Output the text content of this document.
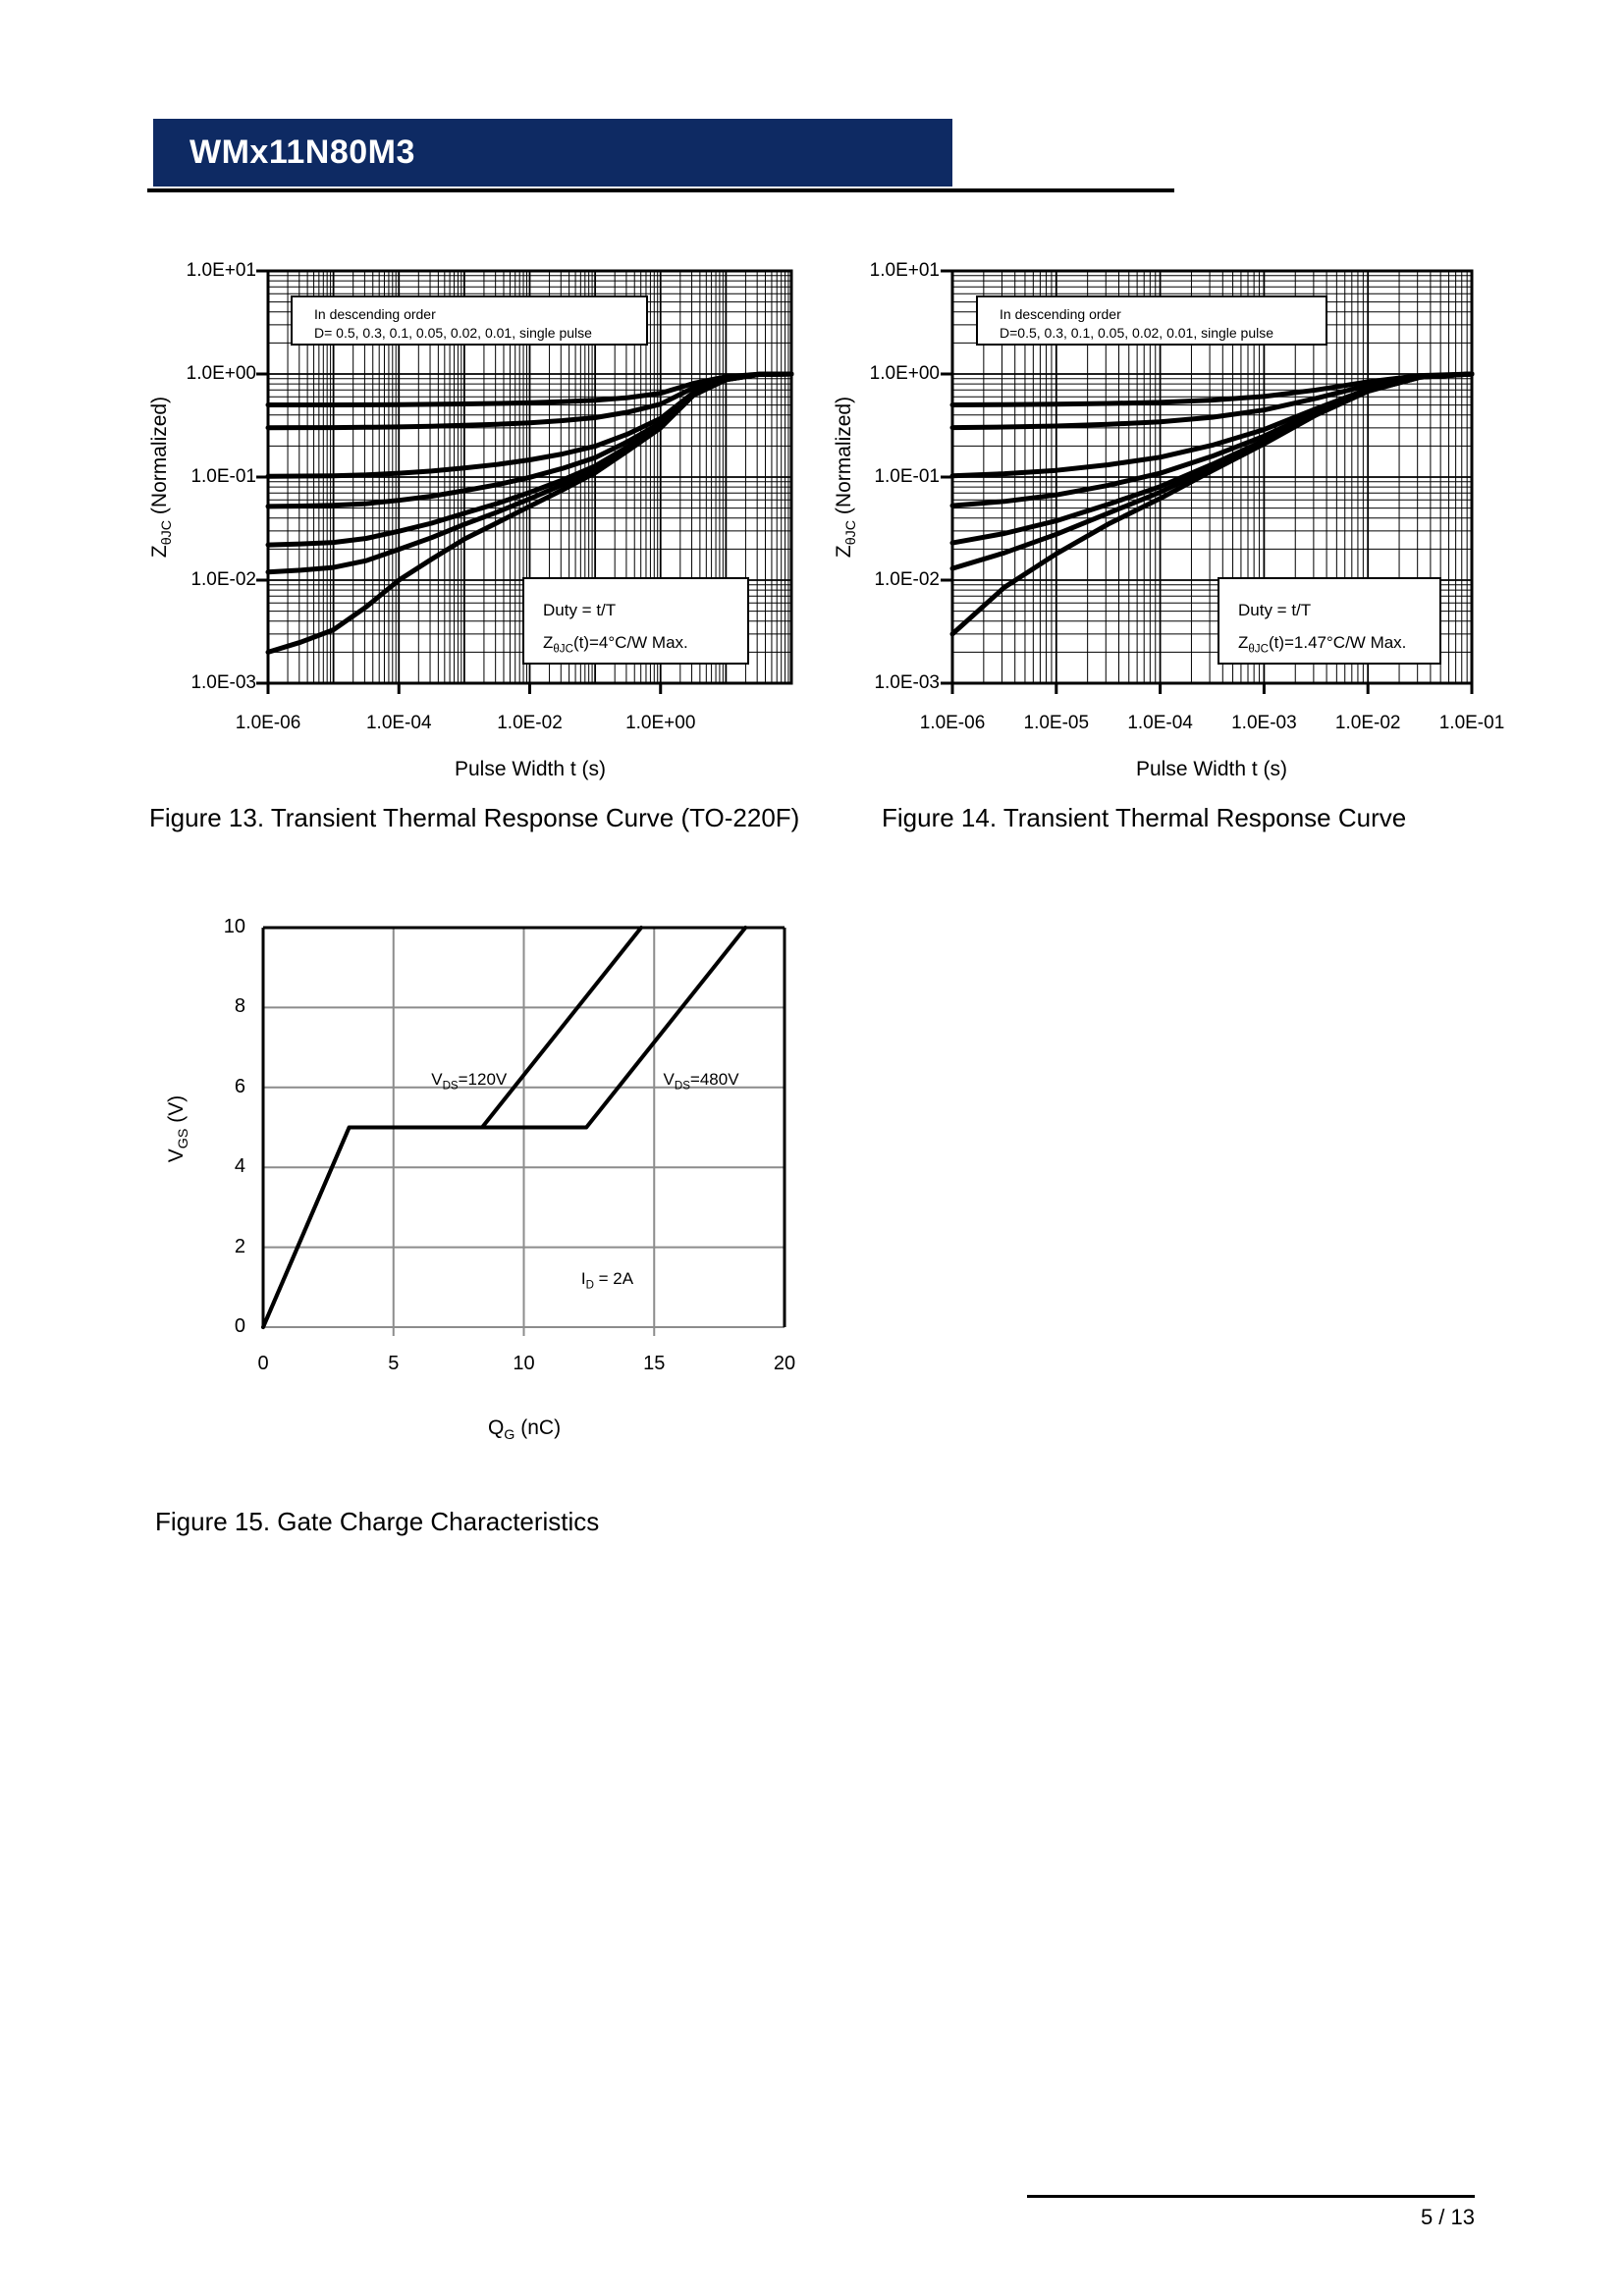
WMx11N80M3
In descending order
D= 0.5, 0.3, 0.1, 0.05, 0.02, 0.01, single pulse
Duty = t/T
$Z_{\theta JC}(t)=4^\circ C/W$ Max.
1.0E-06	1.0E-04	1.0E-02	1.0E+00
1.0E+01
1.0E+00
1.0E-01
1.0E-02
1.0E-03
Pulse Width t (s)
$Z_{\theta JC}$ (Normalized)
In descending order
D=0.5, 0.3, 0.1, 0.05, 0.02, 0.01, single pulse
Duty = t/T
$Z_{\theta JC}(t)=1.47^\circ C/W$ Max.
1.0E-06	1.0E-05	1.0E-04	1.0E-03	1.0E-02	1.0E-01
1.0E+01
1.0E+00
1.0E-01
1.0E-02
1.0E-03
Pulse Width t (s)
$Z_{\theta JC}$ (Normalized)
0	5	10	15	20
0
2
4
6
8
10
$Q_G$ (nC)
$V_{GS}$ (V)
$V_{DS}=120V$	$V_{DS}=480V$
$I_D = 2A$
Figure 13. Transient Thermal Response Curve (TO-220F)	Figure 14. Transient Thermal Response Curve
Figure 15. Gate Charge Characteristics
5 / 13
